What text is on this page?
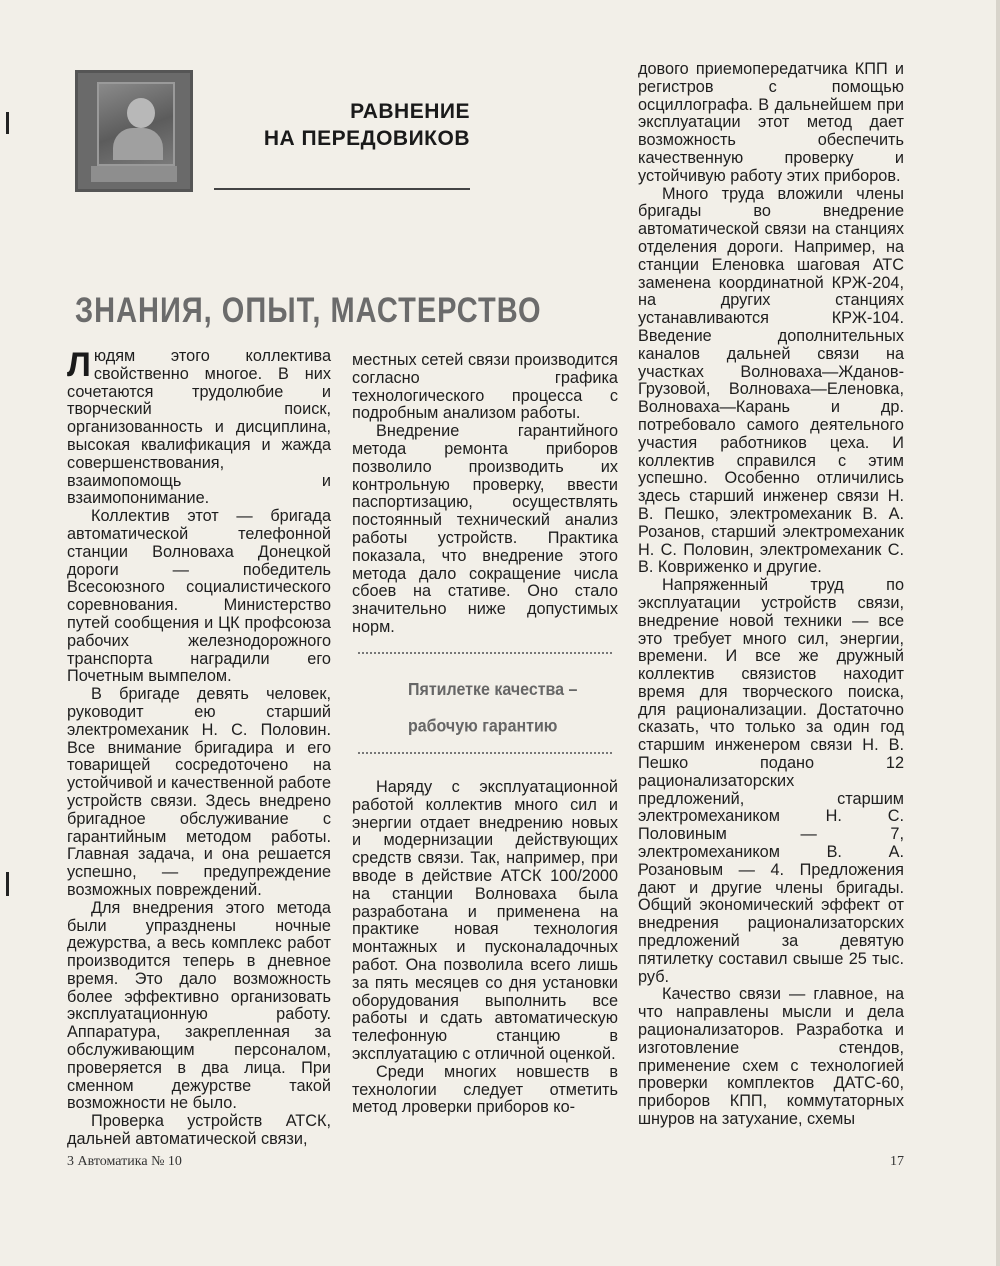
РАВНЕНИЕ
НА ПЕРЕДОВИКОВ
ЗНАНИЯ, ОПЫТ, МАСТЕРСТВО

Людям этого коллектива свойственно многое. В них сочетаются трудолюбие и творческий поиск, организованность и дисциплина, высокая квалификация и жажда совершенствования, взаимопомощь и взаимопонимание.

Коллектив этот — бригада автоматической телефонной станции Волноваха Донецкой дороги — победитель Всесоюзного социалистического соревнования. Министерство путей сообщения и ЦК профсоюза рабочих железнодорожного транспорта наградили его Почетным вымпелом.

В бригаде девять человек, руководит ею старший электромеханик Н. С. Половин. Все внимание бригадира и его товарищей сосредоточено на устойчивой и качественной работе устройств связи. Здесь внедрено бригадное обслуживание с гарантийным методом работы. Главная задача, и она решается успешно, — предупреждение возможных повреждений.

Для внедрения этого метода были упразднены ночные дежурства, а весь комплекс работ производится теперь в дневное время. Это дало возможность более эффективно организовать эксплуатационную работу. Аппаратура, закрепленная за обслуживающим персоналом, проверяется в два лица. При сменном дежурстве такой возможности не было.

Проверка устройств АТСК, дальней автоматической связи,

местных сетей связи производится согласно графика технологического процесса с подробным анализом работы.

Внедрение гарантийного метода ремонта приборов позволило производить их контрольную проверку, ввести паспортизацию, осуществлять постоянный технический анализ работы устройств. Практика показала, что внедрение этого метода дало сокращение числа сбоев на стативе. Оно стало значительно ниже допустимых норм.

Пятилетке качества –
рабочую гарантию

Наряду с эксплуатационной работой коллектив много сил и энергии отдает внедрению новых и модернизации действующих средств связи. Так, например, при вводе в действие АТСК 100/2000 на станции Волноваха была разработана и применена на практике новая технология монтажных и пусконаладочных работ. Она позволила всего лишь за пять месяцев со дня установки оборудования выполнить все работы и сдать автоматическую телефонную станцию в эксплуатацию с отличной оценкой.

Среди многих новшеств в технологии следует отметить метод лроверки приборов ко-

дового приемопередатчика КПП и регистров с помощью осциллографа. В дальнейшем при эксплуатации этот метод дает возможность обеспечить качественную проверку и устойчивую работу этих приборов.

Много труда вложили члены бригады во внедрение автоматической связи на станциях отделения дороги. Например, на станции Еленовка шаговая АТС заменена координатной КРЖ-204, на других станциях устанавливаются КРЖ-104. Введение дополнительных каналов дальней связи на участках Волноваха—Жданов-Грузовой, Волноваха—Еленовка, Волноваха—Карань и др. потребовало самого деятельного участия работников цеха. И коллектив справился с этим успешно. Особенно отличились здесь старший инженер связи Н. В. Пешко, электромеханик В. А. Розанов, старший электромеханик Н. С. Половин, электромеханик С. В. Ковриженко и другие.

Напряженный труд по эксплуатации устройств связи, внедрение новой техники — все это требует много сил, энергии, времени. И все же дружный коллектив связистов находит время для творческого поиска, для рационализации. Достаточно сказать, что только за один год старшим инженером связи Н. В. Пешко подано 12 рационализаторских предложений, старшим электромехаником Н. С. Половиным — 7, электромехаником В. А. Розановым — 4. Предложения дают и другие члены бригады. Общий экономический эффект от внедрения рационализаторских предложений за девятую пятилетку составил свыше 25 тыс. руб.

Качество связи — главное, на что направлены мысли и дела рационализаторов. Разработка и изготовление стендов, применение схем с технологией проверки комплектов ДАТС-60, приборов КПП, коммутаторных шнуров на затухание, схемы

3 Автоматика № 10	17
